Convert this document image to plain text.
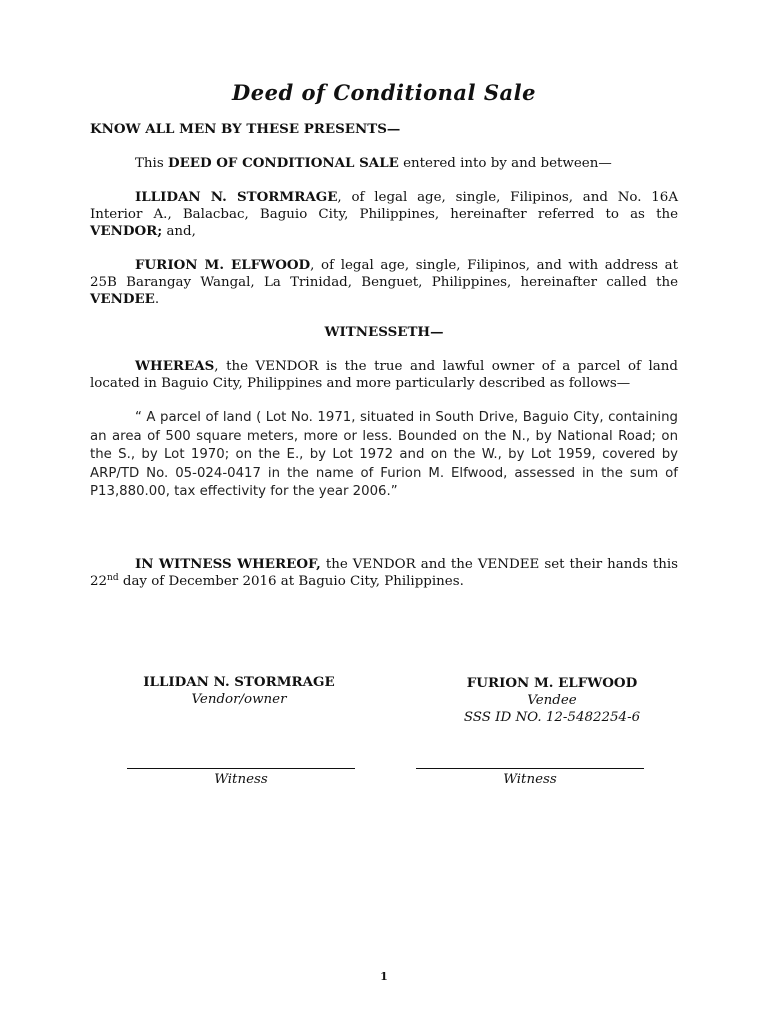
Deed of Conditional Sale
KNOW ALL MEN BY THESE PRESENTS—
This DEED OF CONDITIONAL SALE entered into by and between—
ILLIDAN N. STORMRAGE, of legal age, single, Filipinos, and No. 16A Interior A., Balacbac, Baguio City, Philippines, hereinafter referred to as the VENDOR; and,
FURION M. ELFWOOD, of legal age, single, Filipinos, and with address at 25B Barangay Wangal, La Trinidad, Benguet, Philippines, hereinafter called the VENDEE.
WITNESSETH—
WHEREAS, the VENDOR is the true and lawful owner of a parcel of land located in Baguio City, Philippines and more particularly described as follows—
“ A parcel of land ( Lot No. 1971, situated in South Drive, Baguio City, containing an area of 500 square meters, more or less. Bounded on the N., by National Road; on the S., by Lot 1970; on the E., by Lot 1972 and on the W., by Lot 1959, covered by ARP/TD No. 05-024-0417 in the name of Furion M. Elfwood, assessed in the sum of P13,880.00, tax effectivity for the year 2006.”
IN WITNESS WHEREOF, the VENDOR and the VENDEE set their hands this 22nd day of December 2016 at Baguio City, Philippines.
ILLIDAN N. STORMRAGE
Vendor/owner
FURION M. ELFWOOD
Vendee
SSS ID NO. 12-5482254-6
Witness	Witness
1
